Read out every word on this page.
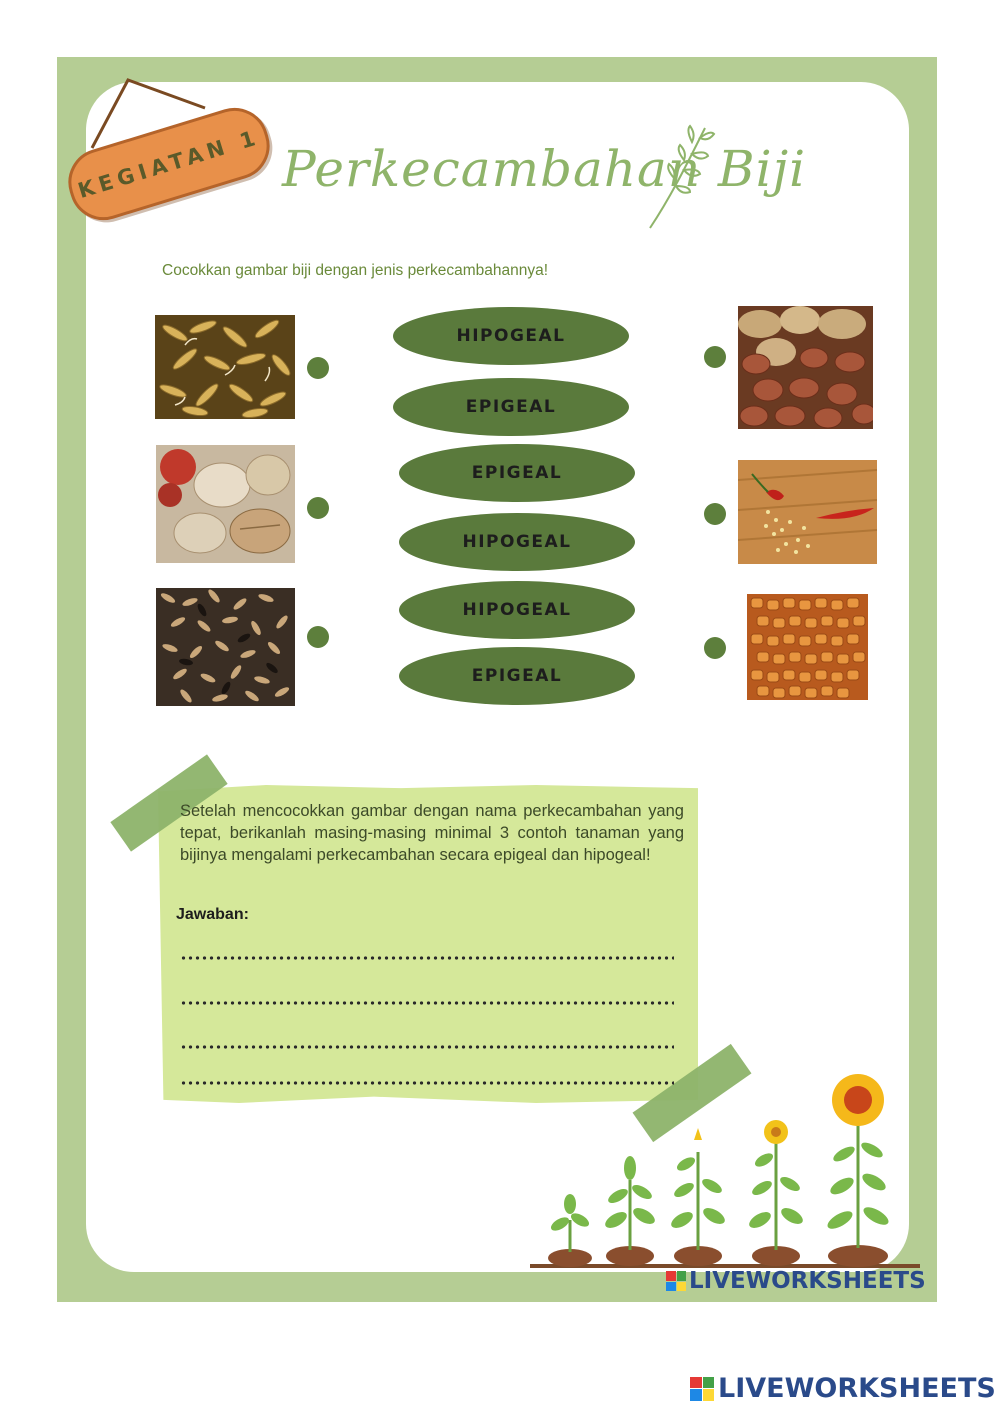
KEGIATAN 1 Perkecambahan Biji
Cocokkan gambar biji dengan jenis perkecambahannya!
HIPOGEAL
EPIGEAL
EPIGEAL
HIPOGEAL
HIPOGEAL
EPIGEAL
Setelah mencocokkan gambar dengan nama perkecambahan yang tepat, berikanlah masing-masing minimal 3 contoh tanaman yang bijinya mengalami perkecambahan secara epigeal dan hipogeal!
Jawaban:
LIVEWORKSHEETS
LIVEWORKSHEETS
